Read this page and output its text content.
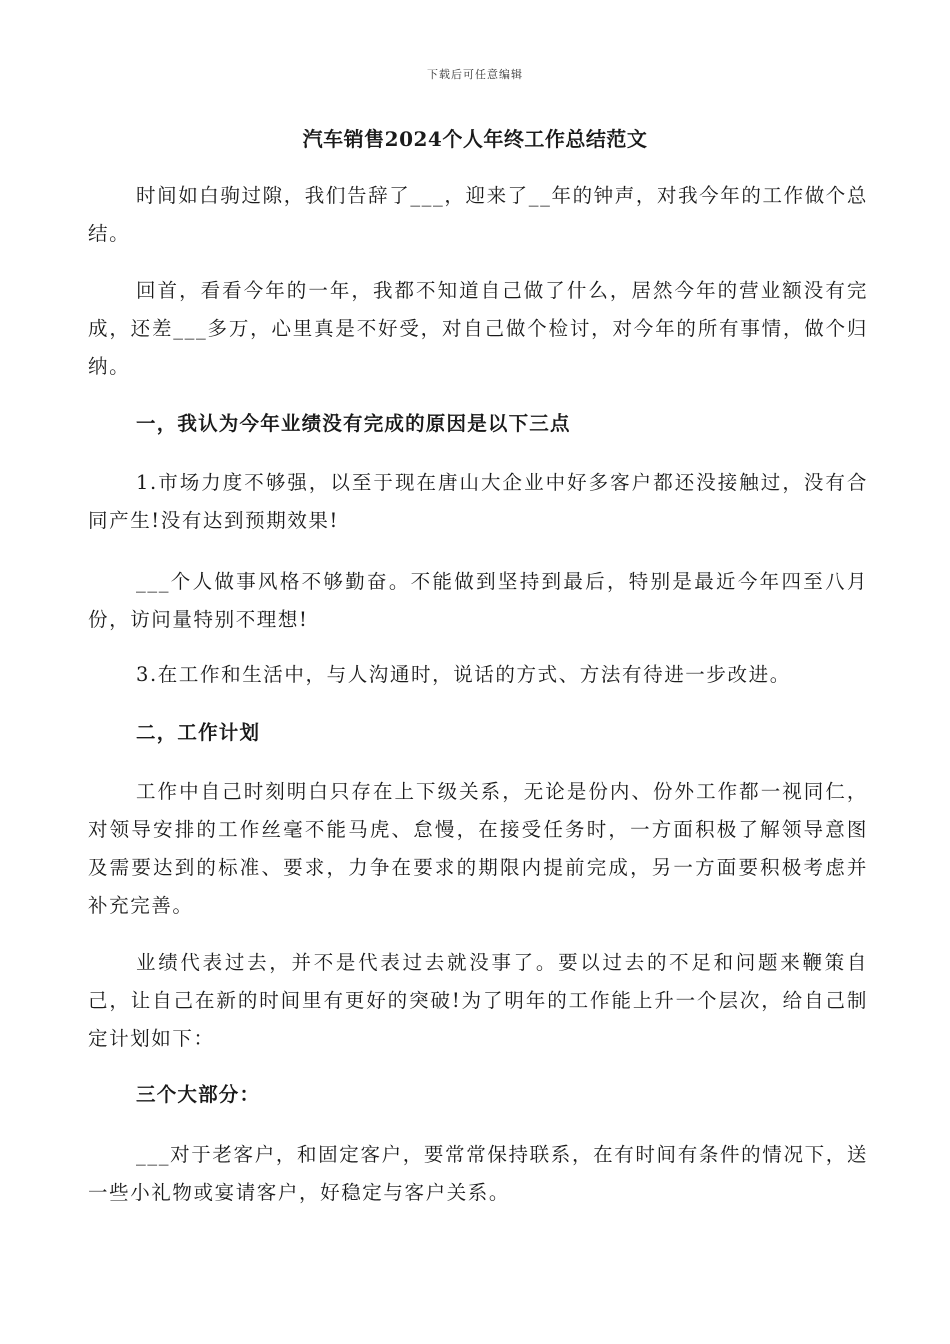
下载后可任意编辑
汽车销售2024个人年终工作总结范文

时间如白驹过隙，我们告辞了___，迎来了__年的钟声，对我今年的工作做个总结。

回首，看看今年的一年，我都不知道自己做了什么，居然今年的营业额没有完成，还差___多万，心里真是不好受，对自己做个检讨，对今年的所有事情，做个归纳。

一，我认为今年业绩没有完成的原因是以下三点

1.市场力度不够强，以至于现在唐山大企业中好多客户都还没接触过，没有合同产生!没有达到预期效果!

___个人做事风格不够勤奋。不能做到坚持到最后，特别是最近今年四至八月份，访问量特别不理想!

3.在工作和生活中，与人沟通时，说话的方式、方法有待进一步改进。

二，工作计划

工作中自己时刻明白只存在上下级关系，无论是份内、份外工作都一视同仁，对领导安排的工作丝毫不能马虎、怠慢，在接受任务时，一方面积极了解领导意图及需要达到的标准、要求，力争在要求的期限内提前完成，另一方面要积极考虑并补充完善。

业绩代表过去，并不是代表过去就没事了。要以过去的不足和问题来鞭策自己，让自己在新的时间里有更好的突破!为了明年的工作能上升一个层次，给自己制定计划如下：

三个大部分：

___对于老客户，和固定客户，要常常保持联系，在有时间有条件的情况下，送一些小礼物或宴请客户，好稳定与客户关系。
